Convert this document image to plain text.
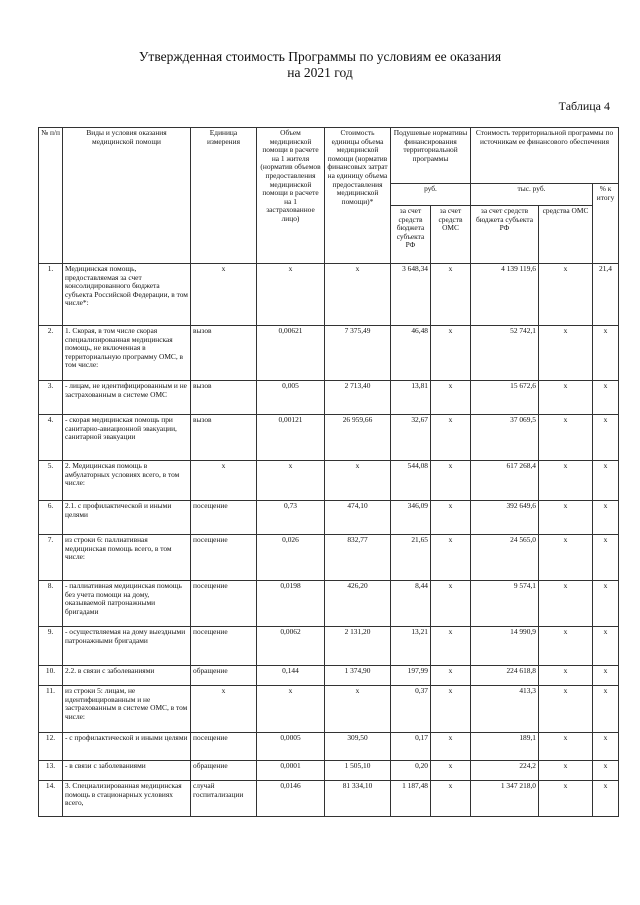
Утвержденная стоимость Программы по условиям ее оказания
на 2021 год
Таблица 4
№ п/п	Виды и условия оказания медицинской помощи	Единица измерения	Объем медицинской помощи в расчете на 1 жителя (норматив объемов предоставления медицинской помощи в расчете на 1 застрахованное лицо)	Стоимость единицы объема медицинской помощи (норматив финансовых затрат на единицу объема предоставления медицинской помощи)*	Подушевые нормативы финансирования территориальной программы		Стоимость территориальной программы по источникам ее финансового обеспечения		
					руб.		тыс. руб.		% к итогу
					за счет средств бюджета субъекта РФ	за счет средств ОМС	за счет средств бюджета субъекта РФ	средства ОМС	
1.	Медицинская помощь, предоставляемая за счет консолидированного бюджета субъекта Российской Федерации, в том числе*:	х	х	х	3 648,34	х	4 139 119,6	х	21,4
2.	1. Скорая, в том числе скорая специализированная медицинская помощь, не включенная в территориальную программу ОМС, в том числе:	вызов	0,00621	7 375,49	46,48	х	52 742,1	х	х
3.	- лицам, не идентифицированным и не застрахованным в системе ОМС	вызов	0,005	2 713,40	13,81	х	15 672,6	х	х
4.	- скорая медицинская помощь при санитарно-авиационной эвакуации, санитарной эвакуации	вызов	0,00121	26 959,66	32,67	х	37 069,5	х	х
5.	2. Медицинская помощь в амбулаторных условиях всего, в том числе:	х	х	х	544,08	х	617 268,4	х	х
6.	2.1. с профилактической и иными целями	посещение	0,73	474,10	346,09	х	392 649,6	х	х
7.	из строки 6: паллиативная медицинская помощь всего, в том числе:	посещение	0,026	832,77	21,65	х	24 565,0	х	х
8.	- паллиативная медицинская помощь без учета помощи на дому, оказываемой патронажными бригадами	посещение	0,0198	426,20	8,44	х	9 574,1	х	х
9.	- осуществляемая на дому выездными патронажными бригадами	посещение	0,0062	2 131,20	13,21	х	14 990,9	х	х
10.	2.2. в связи с заболеваниями	обращение	0,144	1 374,90	197,99	х	224 618,8	х	х
11.	из строки 5: лицам, не идентифицированным и не застрахованным в системе ОМС, в том числе:	х	х	х	0,37	х	413,3	х	х
12.	- с профилактической и иными целями	посещение	0,0005	309,50	0,17	х	189,1	х	х
13.	- в связи с заболеваниями	обращение	0,0001	1 505,10	0,20	х	224,2	х	х
14.	3. Специализированная медицинская помощь в стационарных условиях всего,	случай госпитализации	0,0146	81 334,10	1 187,48	х	1 347 218,0	х	х
